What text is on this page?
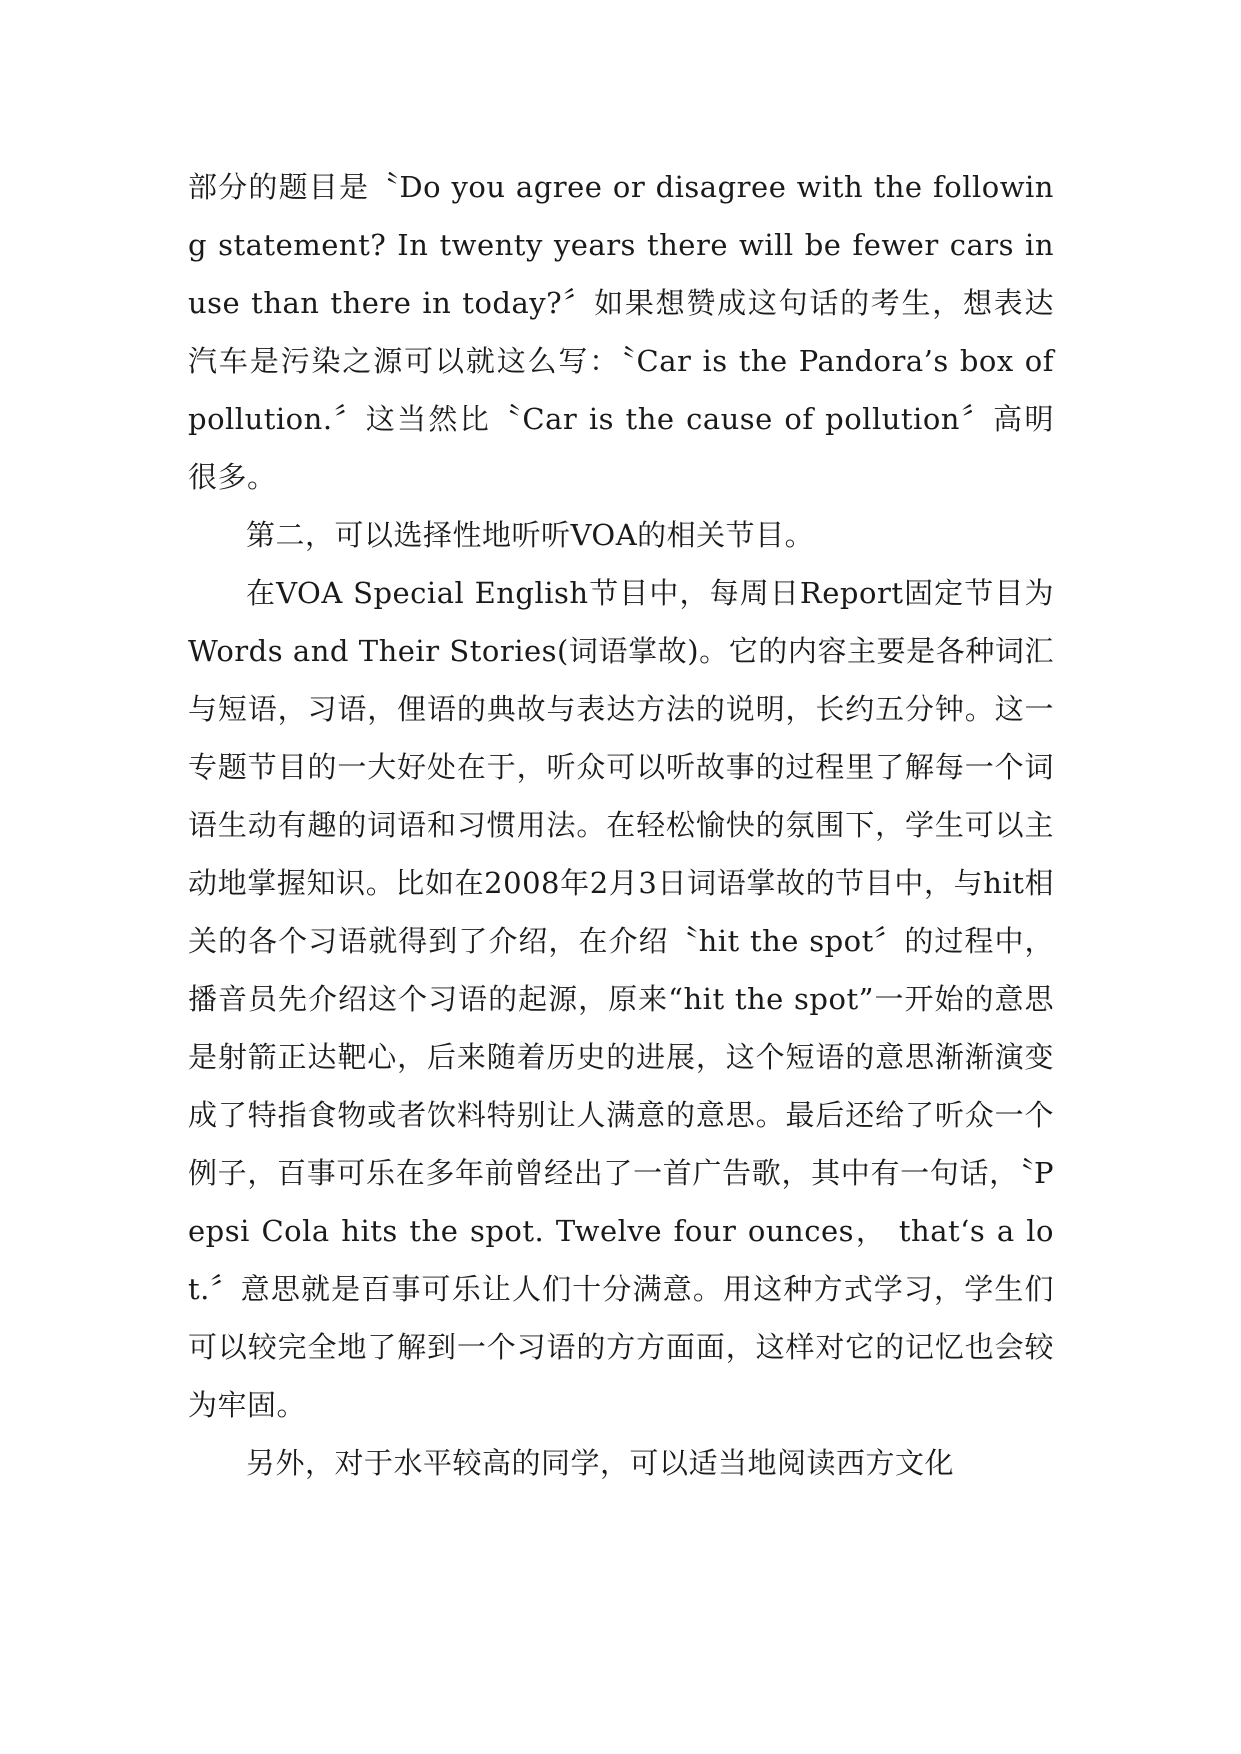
部分的题目是〝Do you agree or disagree with the following statement? In twenty years there will be fewer cars in use than there in today?〞如果想赞成这句话的考生，想表达汽车是污染之源可以就这么写：〝Car is the Pandora’s box of pollution.〞这当然比〝Car is the cause of pollution〞高明很多。

第二，可以选择性地听听VOA的相关节目。

在VOA Special English节目中，每周日Report固定节目为Words and Their Stories(词语掌故)。它的内容主要是各种词汇与短语，习语，俚语的典故与表达方法的说明，长约五分钟。这一专题节目的一大好处在于，听众可以听故事的过程里了解每一个词语生动有趣的词语和习惯用法。在轻松愉快的氛围下，学生可以主动地掌握知识。比如在2008年2月3日词语掌故的节目中，与hit相关的各个习语就得到了介绍，在介绍〝hit the spot〞的过程中，播音员先介绍这个习语的起源，原来“hit the spot”一开始的意思是射箭正达靶心，后来随着历史的进展，这个短语的意思渐渐演变成了特指食物或者饮料特别让人满意的意思。最后还给了听众一个例子，百事可乐在多年前曾经出了一首广告歌，其中有一句话，〝Pepsi Cola hits the spot. Twelve four ounces， that‘s a lot.〞意思就是百事可乐让人们十分满意。用这种方式学习，学生们可以较完全地了解到一个习语的方方面面，这样对它的记忆也会较为牢固。

另外，对于水平较高的同学，可以适当地阅读西方文化
